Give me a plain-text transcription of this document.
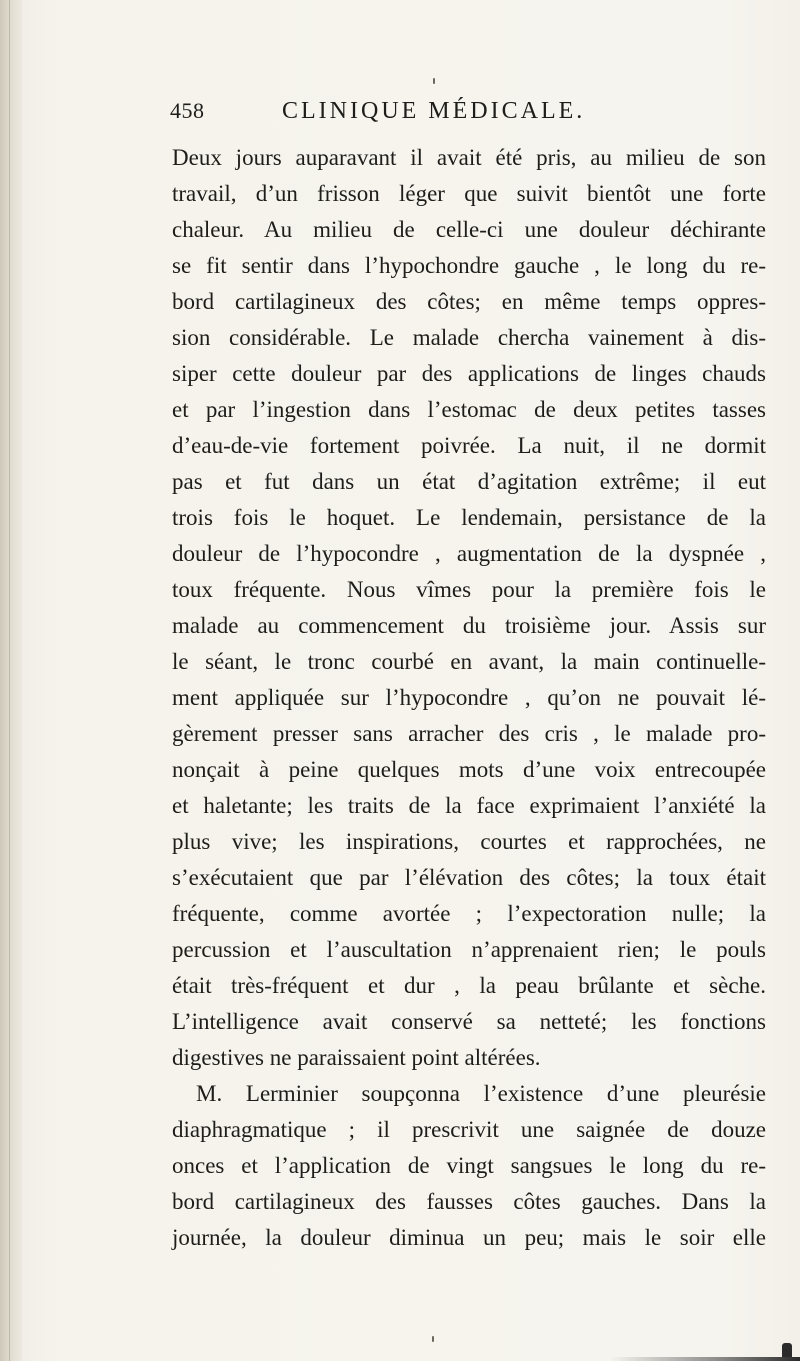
458	CLINIQUE MÉDICALE.
Deux jours auparavant il avait été pris, au milieu de son
travail, d’un frisson léger que suivit bientôt une forte
chaleur. Au milieu de celle-ci une douleur déchirante
se fit sentir dans l’hypochondre gauche , le long du re-
bord cartilagineux des côtes; en même temps oppres-
sion considérable. Le malade chercha vainement à dis-
siper cette douleur par des applications de linges chauds
et par l’ingestion dans l’estomac de deux petites tasses
d’eau-de-vie fortement poivrée. La nuit, il ne dormit
pas et fut dans un état d’agitation extrême; il eut
trois fois le hoquet. Le lendemain, persistance de la
douleur de l’hypocondre , augmentation de la dyspnée ,
toux fréquente. Nous vîmes pour la première fois le
malade au commencement du troisième jour. Assis sur
le séant, le tronc courbé en avant, la main continuelle-
ment appliquée sur l’hypocondre , qu’on ne pouvait lé-
gèrement presser sans arracher des cris , le malade pro-
nonçait à peine quelques mots d’une voix entrecoupée
et haletante; les traits de la face exprimaient l’anxiété la
plus vive; les inspirations, courtes et rapprochées, ne
s’exécutaient que par l’élévation des côtes; la toux était
fréquente, comme avortée ; l’expectoration nulle; la
percussion et l’auscultation n’apprenaient rien; le pouls
était très-fréquent et dur , la peau brûlante et sèche.
L’intelligence avait conservé sa netteté; les fonctions
digestives ne paraissaient point altérées.
M. Lerminier soupçonna l’existence d’une pleurésie
diaphragmatique ; il prescrivit une saignée de douze
onces et l’application de vingt sangsues le long du re-
bord cartilagineux des fausses côtes gauches. Dans la
journée, la douleur diminua un peu; mais le soir elle
